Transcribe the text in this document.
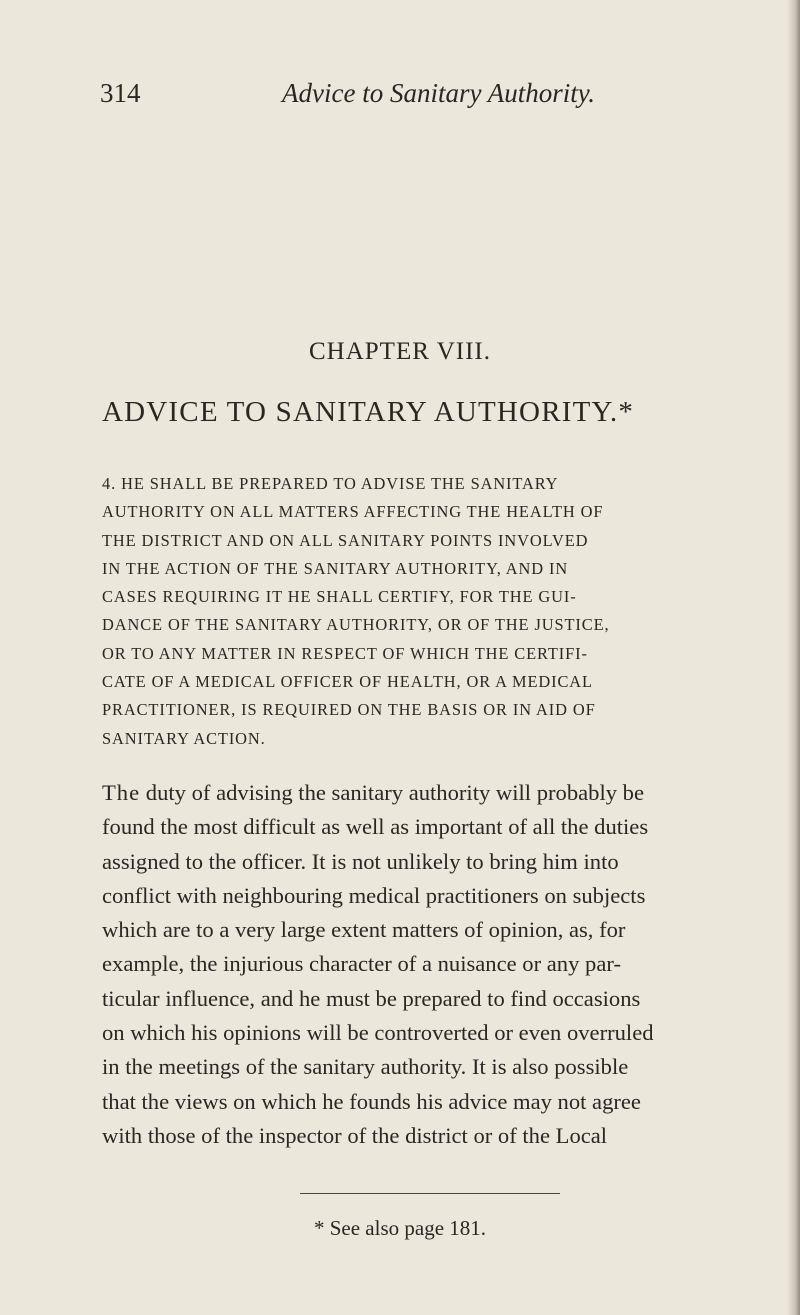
314	Advice to Sanitary Authority.
CHAPTER VIII.
ADVICE TO SANITARY AUTHORITY.*
4. HE SHALL BE PREPARED TO ADVISE THE SANITARY
AUTHORITY ON ALL MATTERS AFFECTING THE HEALTH OF
THE DISTRICT AND ON ALL SANITARY POINTS INVOLVED
IN THE ACTION OF THE SANITARY AUTHORITY, AND IN
CASES REQUIRING IT HE SHALL CERTIFY, FOR THE GUI-
DANCE OF THE SANITARY AUTHORITY, OR OF THE JUSTICE,
OR TO ANY MATTER IN RESPECT OF WHICH THE CERTIFI-
CATE OF A MEDICAL OFFICER OF HEALTH, OR A MEDICAL
PRACTITIONER, IS REQUIRED ON THE BASIS OR IN AID OF
SANITARY ACTION.
The duty of advising the sanitary authority will probably be
found the most difficult as well as important of all the duties
assigned to the officer. It is not unlikely to bring him into
conflict with neighbouring medical practitioners on subjects
which are to a very large extent matters of opinion, as, for
example, the injurious character of a nuisance or any par-
ticular influence, and he must be prepared to find occasions
on which his opinions will be controverted or even overruled
in the meetings of the sanitary authority. It is also possible
that the views on which he founds his advice may not agree
with those of the inspector of the district or of the Local
* See also page 181.
